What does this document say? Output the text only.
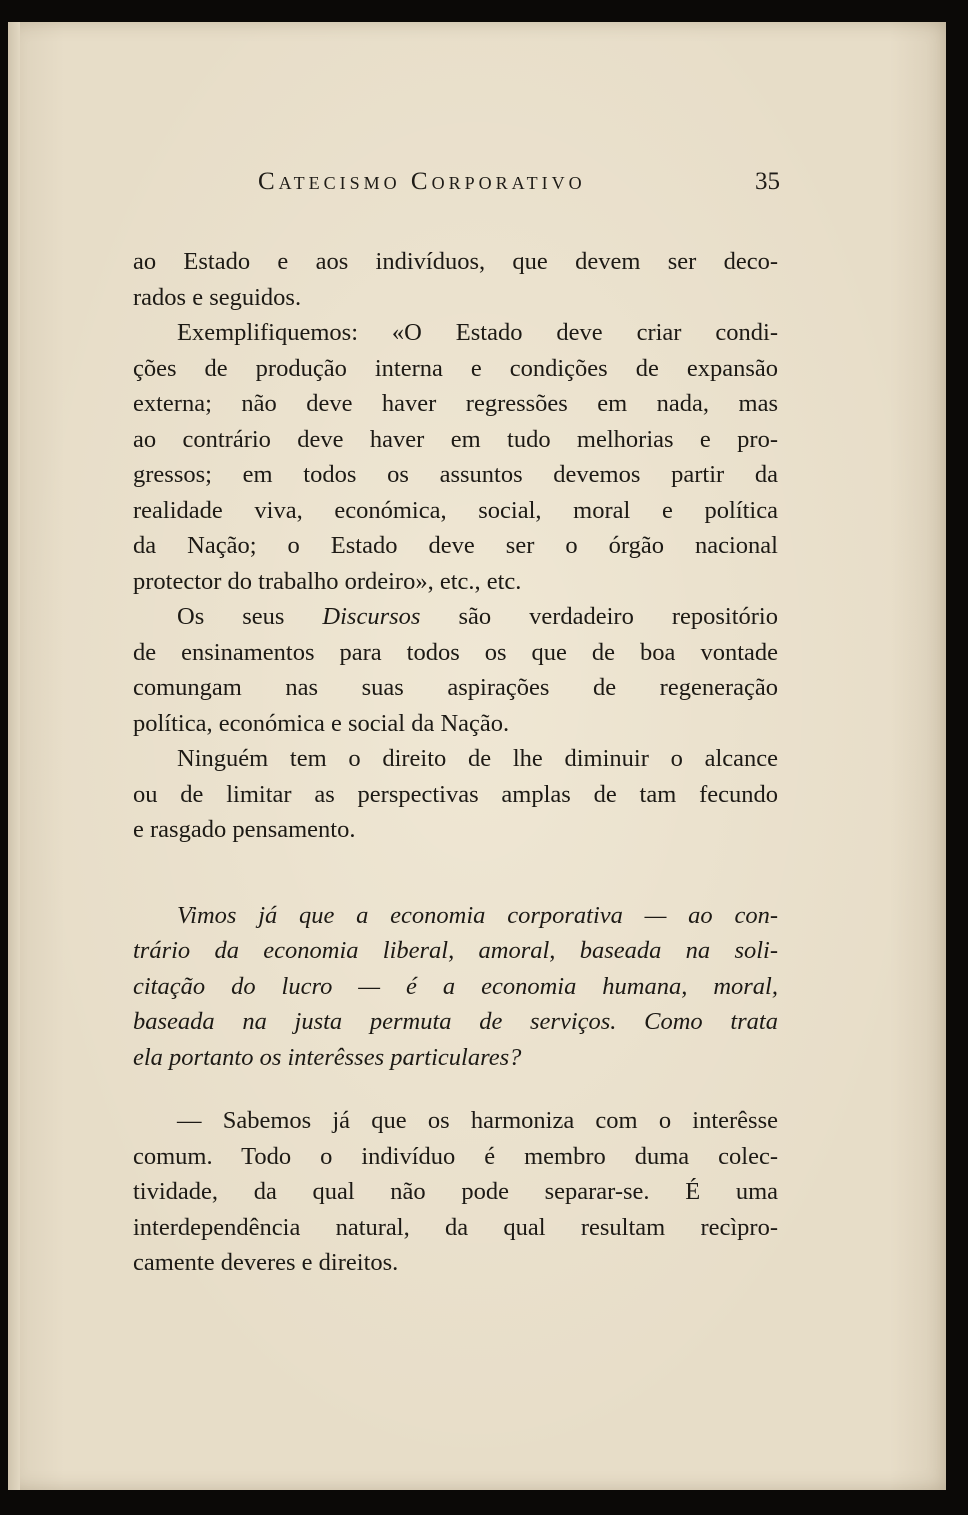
Catecismo Corporativo	35
ao Estado e aos indivíduos, que devem ser deco-
rados e seguidos.
Exemplifiquemos: «O Estado deve criar condi-
ções de produção interna e condições de expansão
externa; não deve haver regressões em nada, mas
ao contrário deve haver em tudo melhorias e pro-
gressos; em todos os assuntos devemos partir da
realidade viva, económica, social, moral e política
da Nação; o Estado deve ser o órgão nacional
protector do trabalho ordeiro», etc., etc.
Os seus Discursos são verdadeiro repositório
de ensinamentos para todos os que de boa vontade
comungam nas suas aspirações de regeneração
política, económica e social da Nação.
Ninguém tem o direito de lhe diminuir o alcance
ou de limitar as perspectivas amplas de tam fecundo
e rasgado pensamento.
Vimos já que a economia corporativa — ao con-
trário da economia liberal, amoral, baseada na soli-
citação do lucro — é a economia humana, moral,
baseada na justa permuta de serviços. Como trata
ela portanto os interêsses particulares?
— Sabemos já que os harmoniza com o interêsse
comum. Todo o indivíduo é membro duma colec-
tividade, da qual não pode separar-se. É uma
interdependência natural, da qual resultam recìpro-
camente deveres e direitos.
